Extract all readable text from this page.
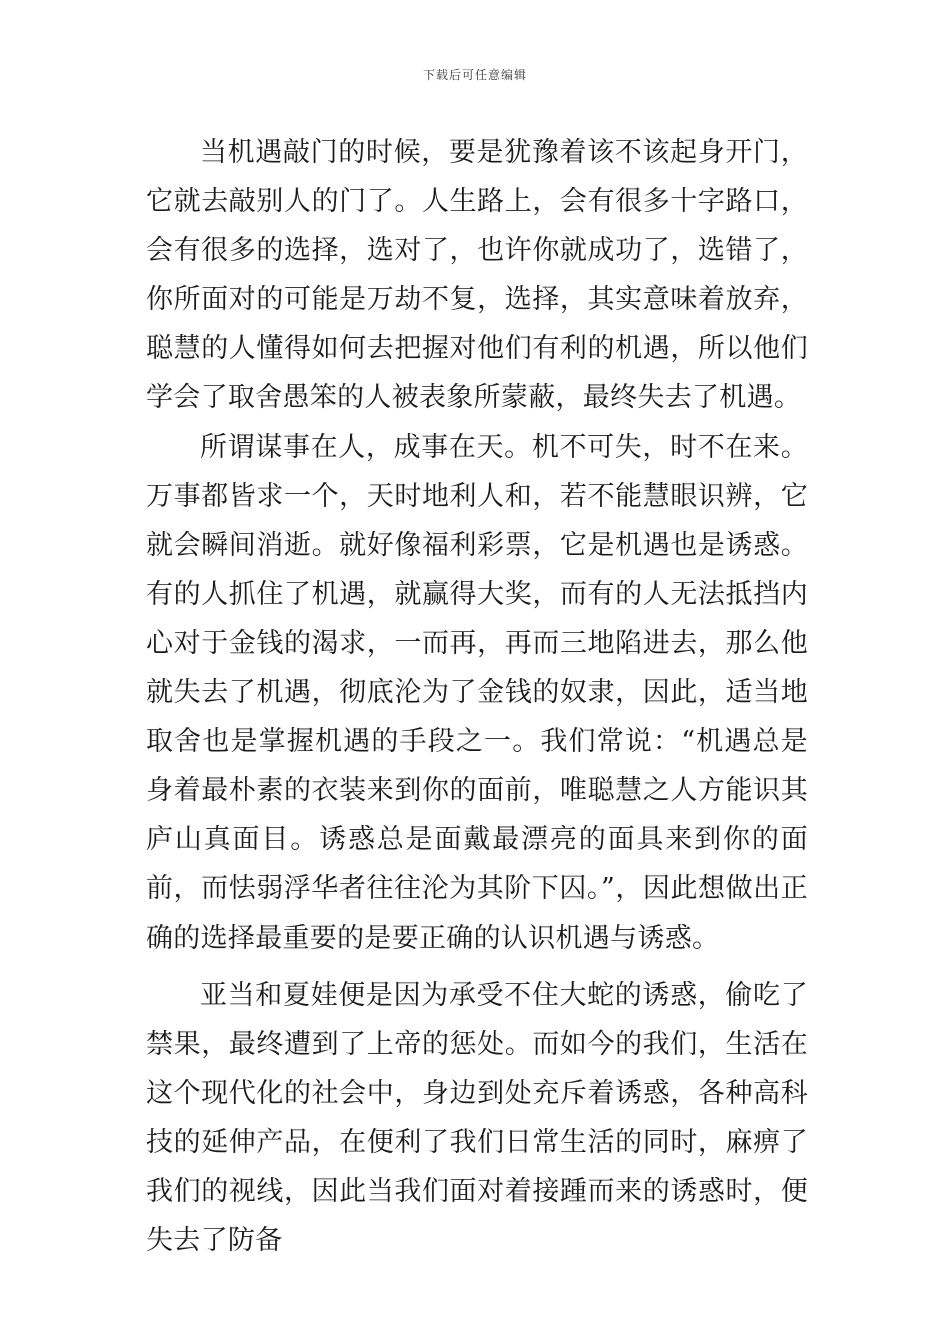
下载后可任意编辑

当机遇敲门的时候，要是犹豫着该不该起身开门，它就去敲别人的门了。人生路上，会有很多十字路口，会有很多的选择，选对了，也许你就成功了，选错了，你所面对的可能是万劫不复，选择，其实意味着放弃，聪慧的人懂得如何去把握对他们有利的机遇，所以他们学会了取舍愚笨的人被表象所蒙蔽，最终失去了机遇。

所谓谋事在人，成事在天。机不可失，时不在来。万事都皆求一个，天时地利人和，若不能慧眼识辨，它就会瞬间消逝。就好像福利彩票，它是机遇也是诱惑。有的人抓住了机遇，就赢得大奖，而有的人无法抵挡内心对于金钱的渴求，一而再，再而三地陷进去，那么他就失去了机遇，彻底沦为了金钱的奴隶，因此，适当地取舍也是掌握机遇的手段之一。我们常说：“机遇总是身着最朴素的衣装来到你的面前，唯聪慧之人方能识其庐山真面目。诱惑总是面戴最漂亮的面具来到你的面前，而怯弱浮华者往往沦为其阶下囚。”，因此想做出正确的选择最重要的是要正确的认识机遇与诱惑。

亚当和夏娃便是因为承受不住大蛇的诱惑，偷吃了禁果，最终遭到了上帝的惩处。而如今的我们，生活在这个现代化的社会中，身边到处充斥着诱惑，各种高科技的延伸产品，在便利了我们日常生活的同时，麻痹了我们的视线，因此当我们面对着接踵而来的诱惑时，便失去了防备
